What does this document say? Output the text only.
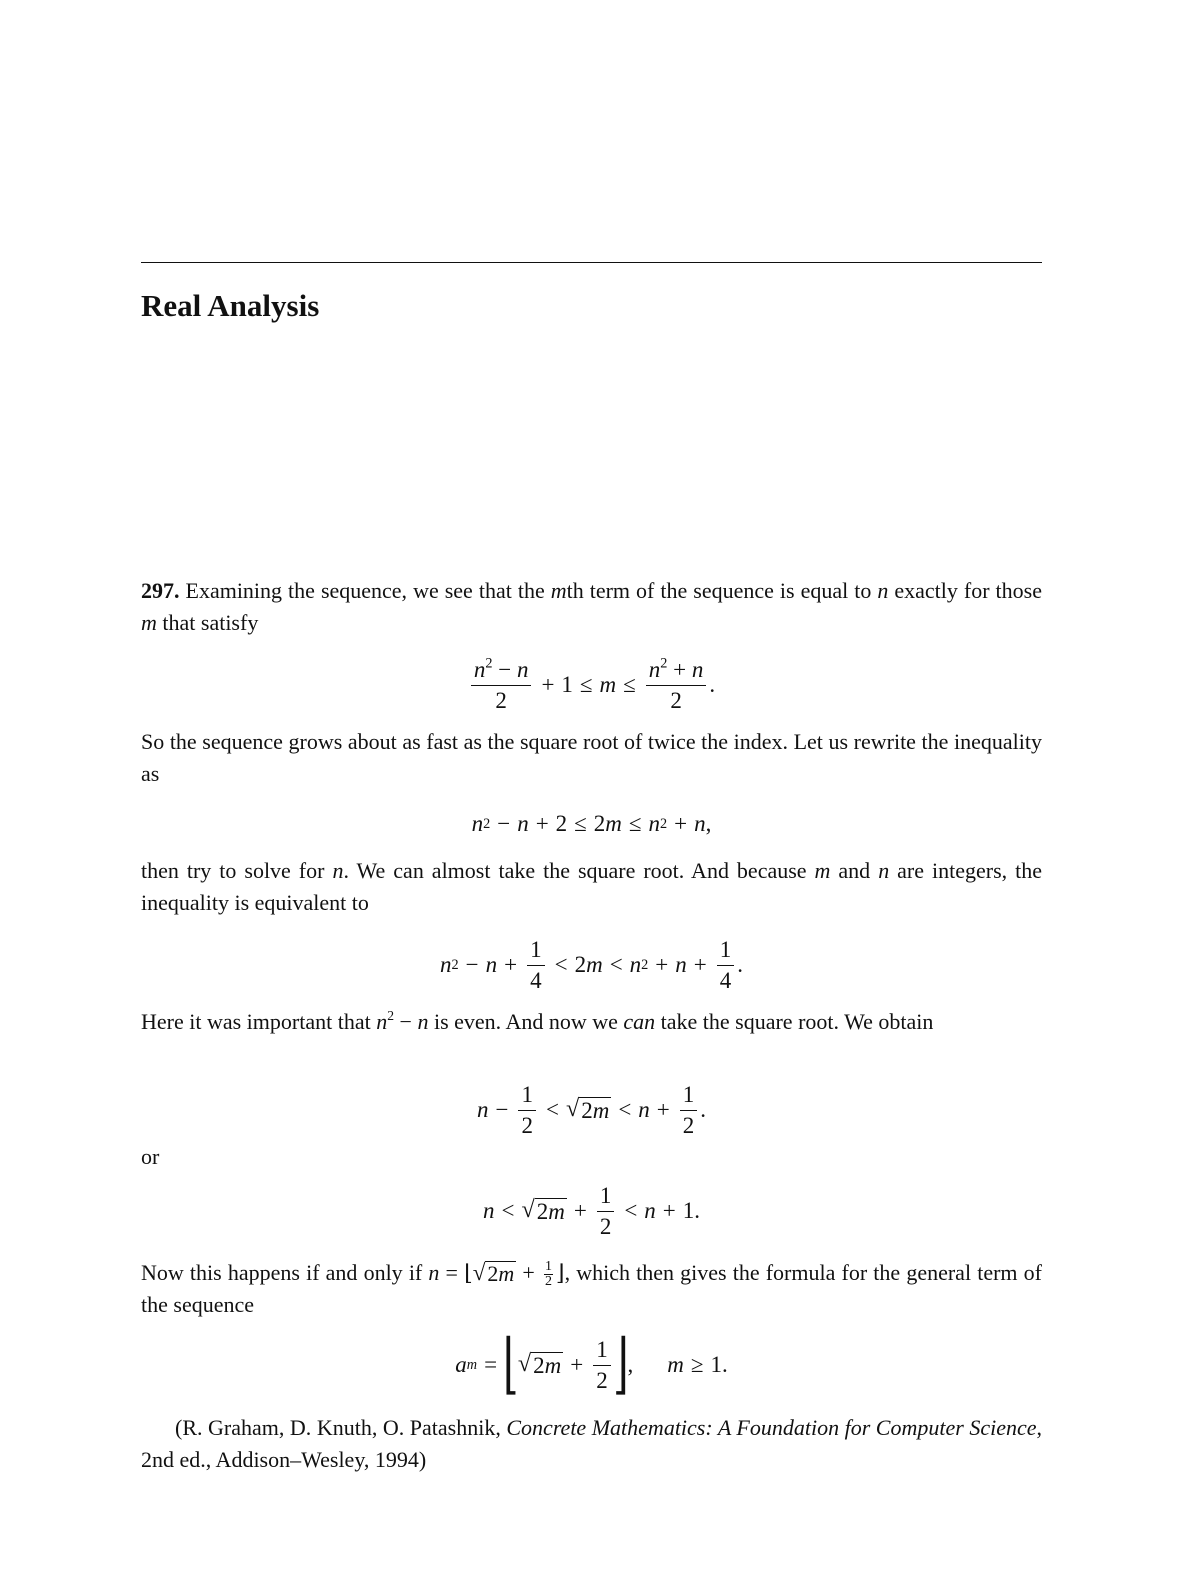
Real Analysis

297. Examining the sequence, we see that the mth term of the sequence is equal to n exactly for those m that satisfy

$\frac{n^2 - n}{2} + 1 \le m \le \frac{n^2 + n}{2}$ .

So the sequence grows about as fast as the square root of twice the index. Let us rewrite the inequality as

n 2 − n + 2 ≤ 2 m ≤ n 2 + n ,

then try to solve for n. We can almost take the square root. And because m and n are integers, the inequality is equivalent to

n $2 - n + \frac{1}{4} < 2$ m < n $2 + n + \frac{1}{4}$ .

Here it was important that $n^2 - n$ is even. And now we can take the square root. We obtain

$n - \frac{1}{2}$ < √ $2m < n + \frac{1}{2}$ .

or

n < √ $2m + \frac{1}{2} < n + 1$.

Now this happens if and only if n = ⌊ √ $2m + \frac{1}{2}$ ⌋, which then gives the formula for the general term of the sequence

a m = ⌊ √ $2m + \frac{1}{2}$ ⌋ , m ≥ 1.

(R. Graham, D. Knuth, O. Patashnik, Concrete Mathematics: A Foundation for Computer Science, 2nd ed., Addison–Wesley, 1994)
